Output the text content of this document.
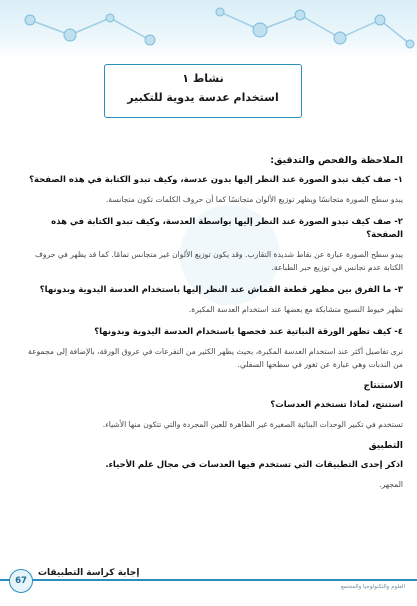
نشاط ١
استخدام عدسة يدوية للتكبير
الملاحظة والفحص والتدقيق:
١- صف كيف تبدو الصورة عند النظر إليها بدون عدسة، وكيف تبدو الكتابة في هذه الصفحة؟
يبدو سطح الصورة متجانسًا ويظهر توزيع الألوان متجانسًا كما أن حروف الكلمات تكون متجانسة.
٢- صف كيف تبدو الصورة عند النظر إليها بواسطة العدسة، وكيف تبدو الكتابة في هذه الصفحة؟
يبدو سطح الصورة عبارة عن نقاط شديدة التقارب. وقد يكون توزيع الألوان غير متجانس تمامًا. كما قد يظهر في حروف الكتابة عدم تجانس في توزيع حبر الطباعة.
٣- ما الفرق بين مظهر قطعة القماش عند النظر إليها باستخدام العدسة اليدوية وبدونها؟
تظهر خيوط النسيج متشابكة مع بعضها عند استخدام العدسة المكبرة.
٤- كيف تظهر الورقة النباتية عند فحصها باستخدام العدسة اليدوية وبدونها؟
نرى تفاصيل أكثر عند استخدام العدسة المكبرة، بحيث يظهر الكثير من التفرعات في عروق الورقة، بالإضافة إلى مجموعة من الندبات وهي عبارة عن ثغور في سطحها السفلي.
الاستنتاج
استنتج، لماذا تستخدم العدسات؟
تستخدم في تكبير الوحدات البنائية الصغيرة غير الظاهرة للعين المجردة والتي تتكون منها الأشياء.
التطبيق
اذكر إحدى التطبيقات التي تستخدم فيها العدسات في مجال علم الأحياء.
المجهر.
67
إجابة كراسة التطبيقات
العلوم والتكنولوجيا والمجتمع
